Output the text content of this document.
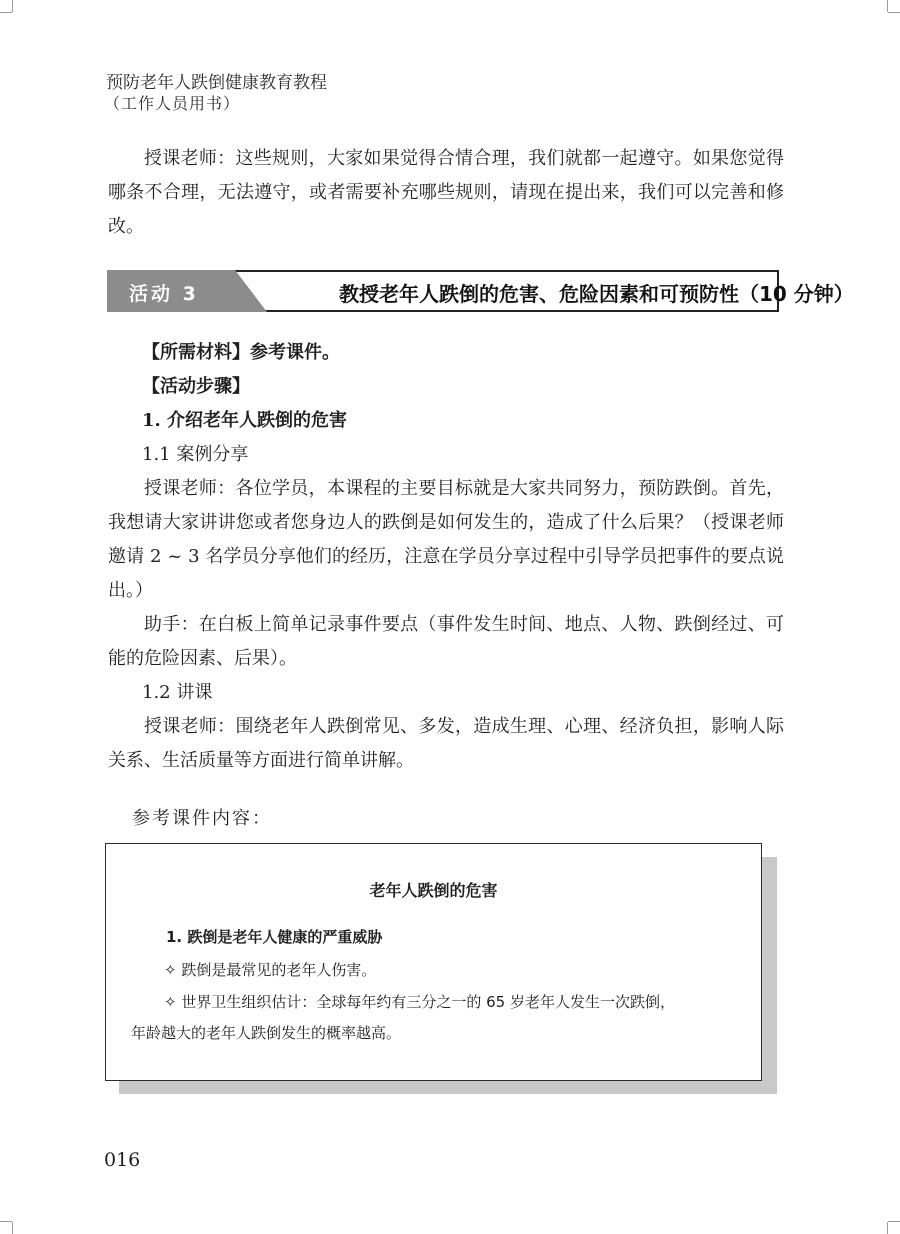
预防老年人跌倒健康教育教程
（工作人员用书）

授课老师：这些规则，大家如果觉得合情合理，我们就都一起遵守。如果您觉得哪条不合理，无法遵守，或者需要补充哪些规则，请现在提出来，我们可以完善和修改。

教授老年人跌倒的危害、危险因素和可预防性（10 分钟）
活动 3
【所需材料】参考课件。
【活动步骤】
1. 介绍老年人跌倒的危害
1.1 案例分享

授课老师：各位学员，本课程的主要目标就是大家共同努力，预防跌倒。首先，我想请大家讲讲您或者您身边人的跌倒是如何发生的，造成了什么后果？（授课老师邀请 2 ~ 3 名学员分享他们的经历，注意在学员分享过程中引导学员把事件的要点说出。）

助手：在白板上简单记录事件要点（事件发生时间、地点、人物、跌倒经过、可能的危险因素、后果）。

1.2 讲课

授课老师：围绕老年人跌倒常见、多发，造成生理、心理、经济负担，影响人际关系、生活质量等方面进行简单讲解。

参考课件内容：
老年人跌倒的危害
1. 跌倒是老年人健康的严重威胁
✧ 跌倒是最常见的老年人伤害。
✧ 世界卫生组织估计：全球每年约有三分之一的 65 岁老年人发生一次跌倒，
年龄越大的老年人跌倒发生的概率越高。
016
